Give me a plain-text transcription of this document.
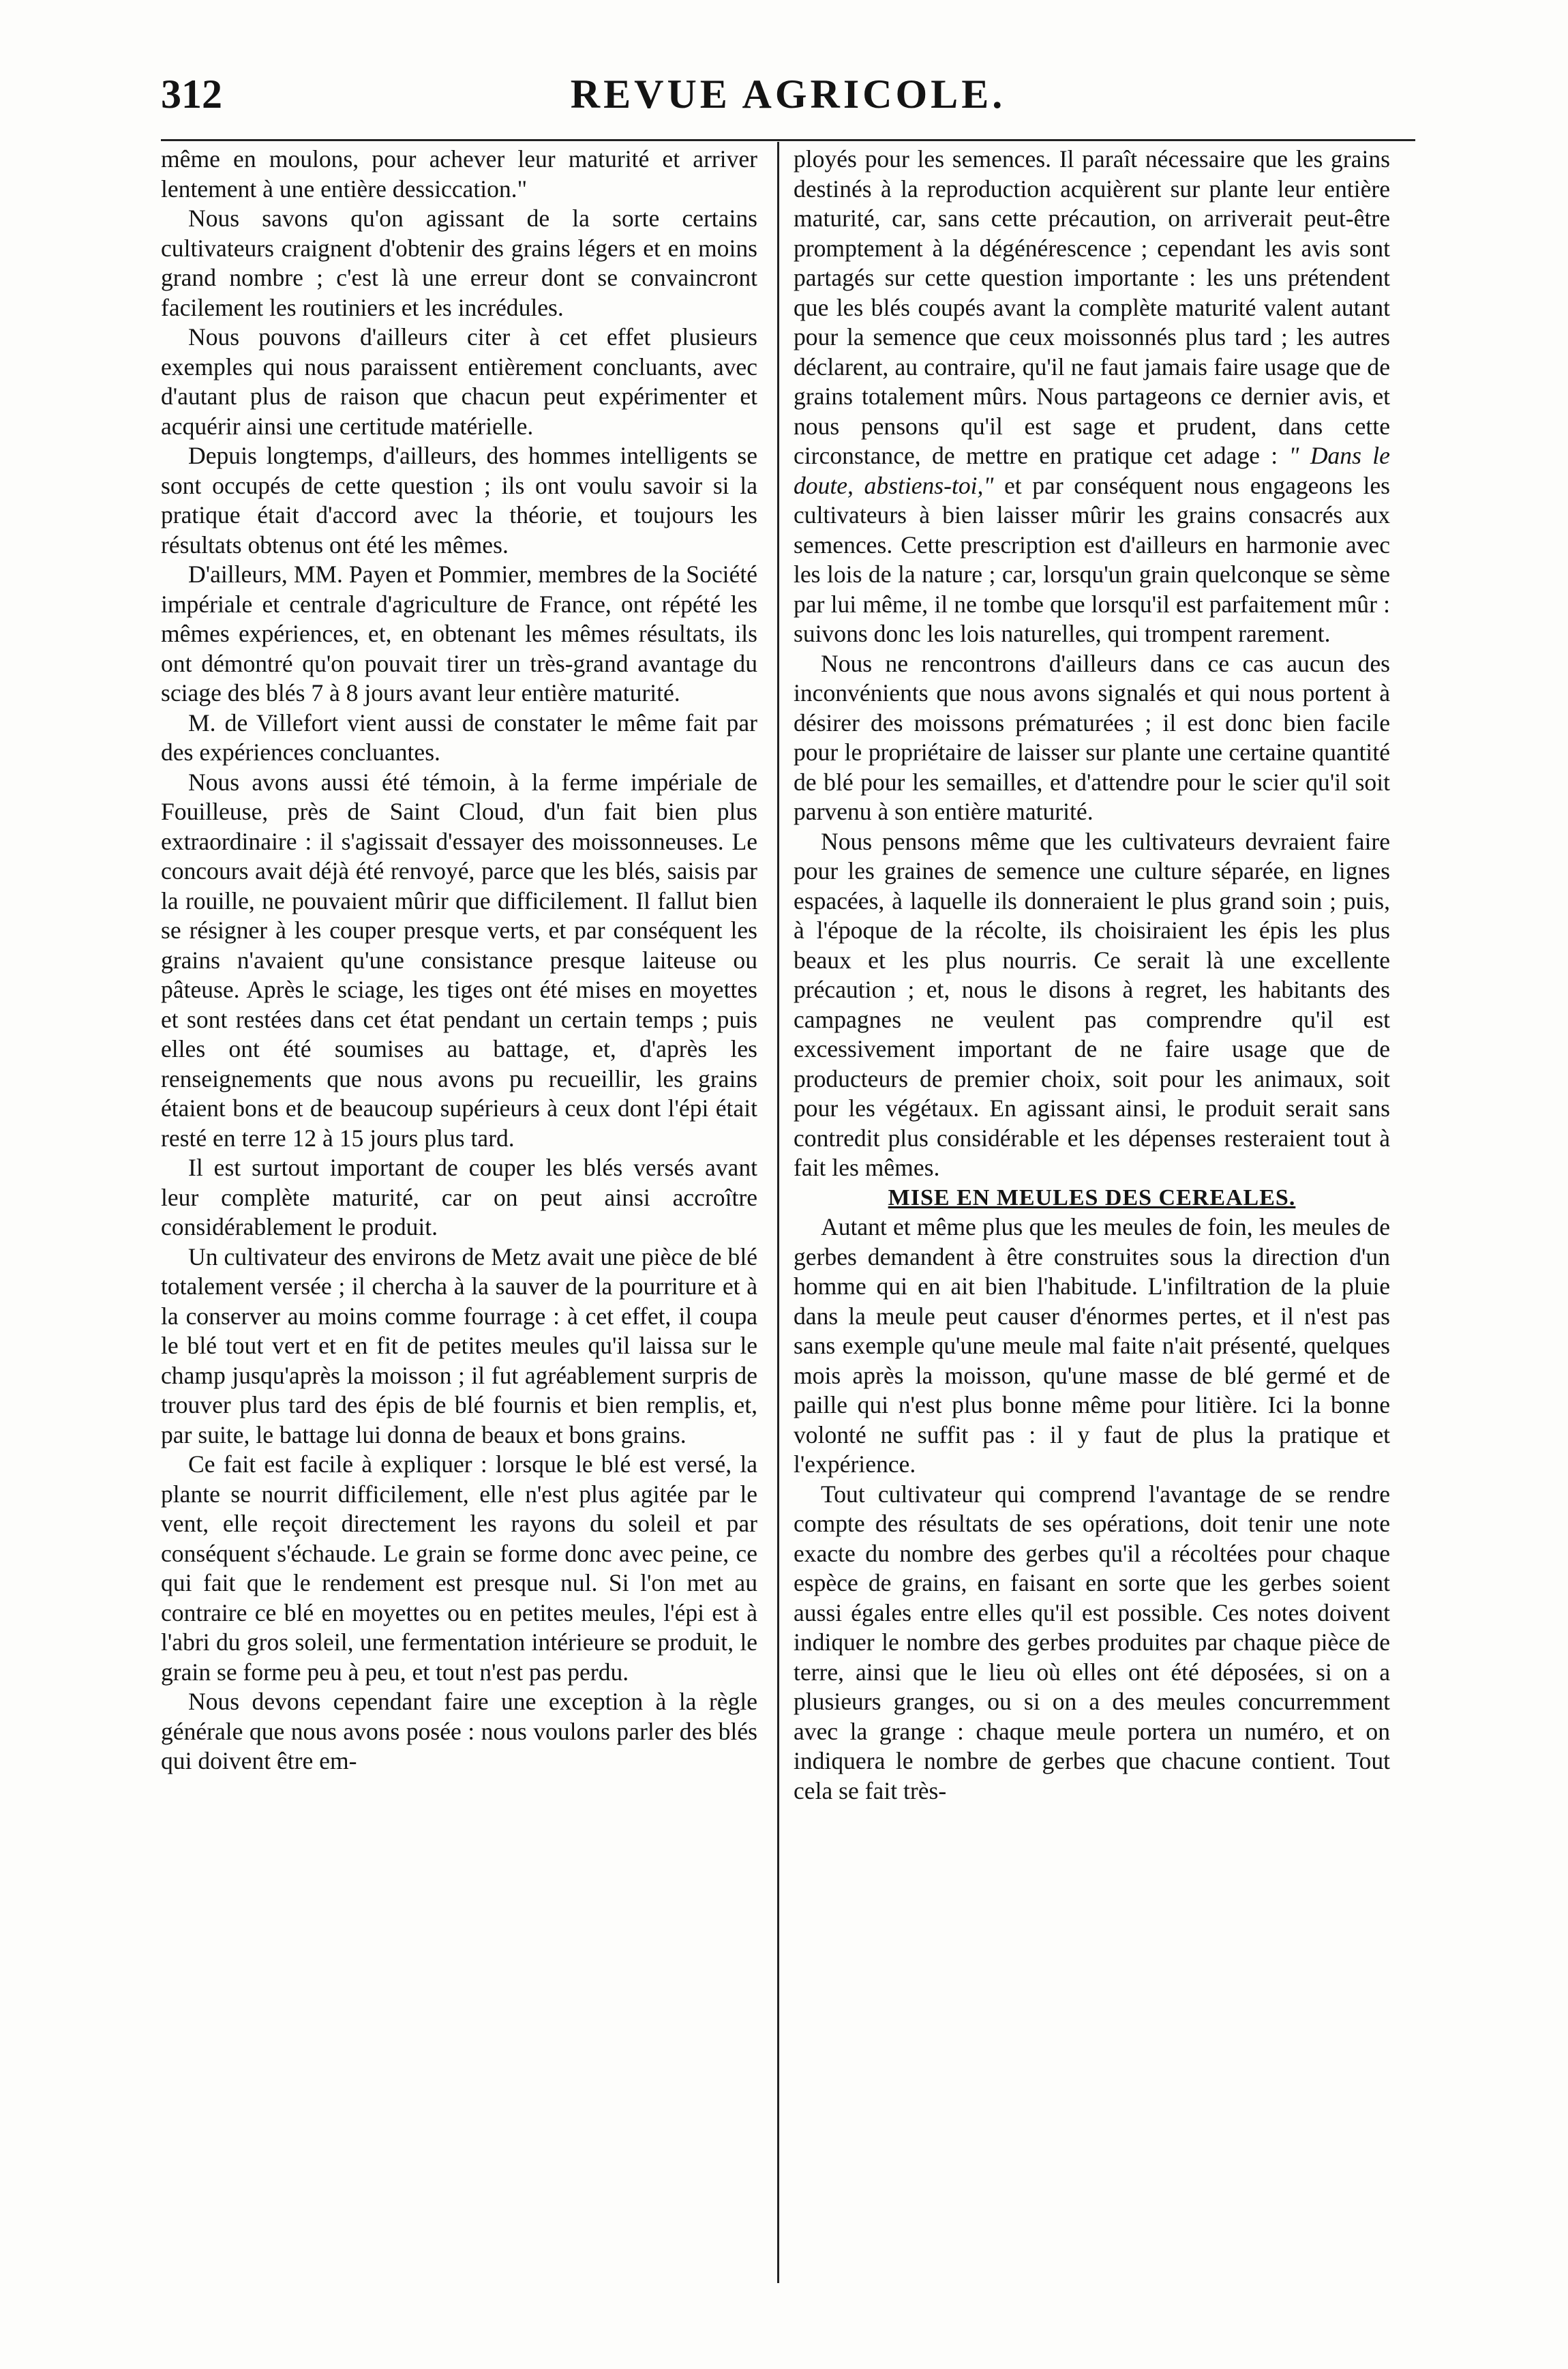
312	REVUE AGRICOLE.

même en moulons, pour achever leur maturité et arriver lentement à une entière dessiccation."

Nous savons qu'on agissant de la sorte certains cultivateurs craignent d'obtenir des grains légers et en moins grand nombre ; c'est là une erreur dont se convaincront facilement les routiniers et les incrédules.

Nous pouvons d'ailleurs citer à cet effet plusieurs exemples qui nous paraissent entièrement concluants, avec d'autant plus de raison que chacun peut expérimenter et acquérir ainsi une certitude matérielle.

Depuis longtemps, d'ailleurs, des hommes intelligents se sont occupés de cette question ; ils ont voulu savoir si la pratique était d'accord avec la théorie, et toujours les résultats obtenus ont été les mêmes.

D'ailleurs, MM. Payen et Pommier, membres de la Société impériale et centrale d'agriculture de France, ont répété les mêmes expériences, et, en obtenant les mêmes résultats, ils ont démontré qu'on pouvait tirer un très-grand avantage du sciage des blés 7 à 8 jours avant leur entière maturité.

M. de Villefort vient aussi de constater le même fait par des expériences concluantes.

Nous avons aussi été témoin, à la ferme impériale de Fouilleuse, près de Saint Cloud, d'un fait bien plus extraordinaire : il s'agissait d'essayer des moissonneuses. Le concours avait déjà été renvoyé, parce que les blés, saisis par la rouille, ne pouvaient mûrir que difficilement. Il fallut bien se résigner à les couper presque verts, et par conséquent les grains n'avaient qu'une consistance presque laiteuse ou pâteuse. Après le sciage, les tiges ont été mises en moyettes et sont restées dans cet état pendant un certain temps ; puis elles ont été soumises au battage, et, d'après les renseignements que nous avons pu recueillir, les grains étaient bons et de beaucoup supérieurs à ceux dont l'épi était resté en terre 12 à 15 jours plus tard.

Il est surtout important de couper les blés versés avant leur complète maturité, car on peut ainsi accroître considérablement le produit.

Un cultivateur des environs de Metz avait une pièce de blé totalement versée ; il chercha à la sauver de la pourriture et à la conserver au moins comme fourrage : à cet effet, il coupa le blé tout vert et en fit de petites meules qu'il laissa sur le champ jusqu'après la moisson ; il fut agréablement surpris de trouver plus tard des épis de blé fournis et bien remplis, et, par suite, le battage lui donna de beaux et bons grains.

Ce fait est facile à expliquer : lorsque le blé est versé, la plante se nourrit difficilement, elle n'est plus agitée par le vent, elle reçoit directement les rayons du soleil et par conséquent s'échaude. Le grain se forme donc avec peine, ce qui fait que le rendement est presque nul. Si l'on met au contraire ce blé en moyettes ou en petites meules, l'épi est à l'abri du gros soleil, une fermentation intérieure se produit, le grain se forme peu à peu, et tout n'est pas perdu.

Nous devons cependant faire une exception à la règle générale que nous avons posée : nous voulons parler des blés qui doivent être em-

ployés pour les semences. Il paraît nécessaire que les grains destinés à la reproduction acquièrent sur plante leur entière maturité, car, sans cette précaution, on arriverait peut-être promptement à la dégénérescence ; cependant les avis sont partagés sur cette question importante : les uns prétendent que les blés coupés avant la complète maturité valent autant pour la semence que ceux moissonnés plus tard ; les autres déclarent, au contraire, qu'il ne faut jamais faire usage que de grains totalement mûrs. Nous partageons ce dernier avis, et nous pensons qu'il est sage et prudent, dans cette circonstance, de mettre en pratique cet adage : " Dans le doute, abstiens-toi," et par conséquent nous engageons les cultivateurs à bien laisser mûrir les grains consacrés aux semences. Cette prescription est d'ailleurs en harmonie avec les lois de la nature ; car, lorsqu'un grain quelconque se sème par lui même, il ne tombe que lorsqu'il est parfaitement mûr : suivons donc les lois naturelles, qui trompent rarement.

Nous ne rencontrons d'ailleurs dans ce cas aucun des inconvénients que nous avons signalés et qui nous portent à désirer des moissons prématurées ; il est donc bien facile pour le propriétaire de laisser sur plante une certaine quantité de blé pour les semailles, et d'attendre pour le scier qu'il soit parvenu à son entière maturité.

Nous pensons même que les cultivateurs devraient faire pour les graines de semence une culture séparée, en lignes espacées, à laquelle ils donneraient le plus grand soin ; puis, à l'époque de la récolte, ils choisiraient les épis les plus beaux et les plus nourris. Ce serait là une excellente précaution ; et, nous le disons à regret, les habitants des campagnes ne veulent pas comprendre qu'il est excessivement important de ne faire usage que de producteurs de premier choix, soit pour les animaux, soit pour les végétaux. En agissant ainsi, le produit serait sans contredit plus considérable et les dépenses resteraient tout à fait les mêmes.

MISE EN MEULES DES CEREALES.

Autant et même plus que les meules de foin, les meules de gerbes demandent à être construites sous la direction d'un homme qui en ait bien l'habitude. L'infiltration de la pluie dans la meule peut causer d'énormes pertes, et il n'est pas sans exemple qu'une meule mal faite n'ait présenté, quelques mois après la moisson, qu'une masse de blé germé et de paille qui n'est plus bonne même pour litière. Ici la bonne volonté ne suffit pas : il y faut de plus la pratique et l'expérience.

Tout cultivateur qui comprend l'avantage de se rendre compte des résultats de ses opérations, doit tenir une note exacte du nombre des gerbes qu'il a récoltées pour chaque espèce de grains, en faisant en sorte que les gerbes soient aussi égales entre elles qu'il est possible. Ces notes doivent indiquer le nombre des gerbes produites par chaque pièce de terre, ainsi que le lieu où elles ont été déposées, si on a plusieurs granges, ou si on a des meules concurremment avec la grange : chaque meule portera un numéro, et on indiquera le nombre de gerbes que chacune contient. Tout cela se fait très-
